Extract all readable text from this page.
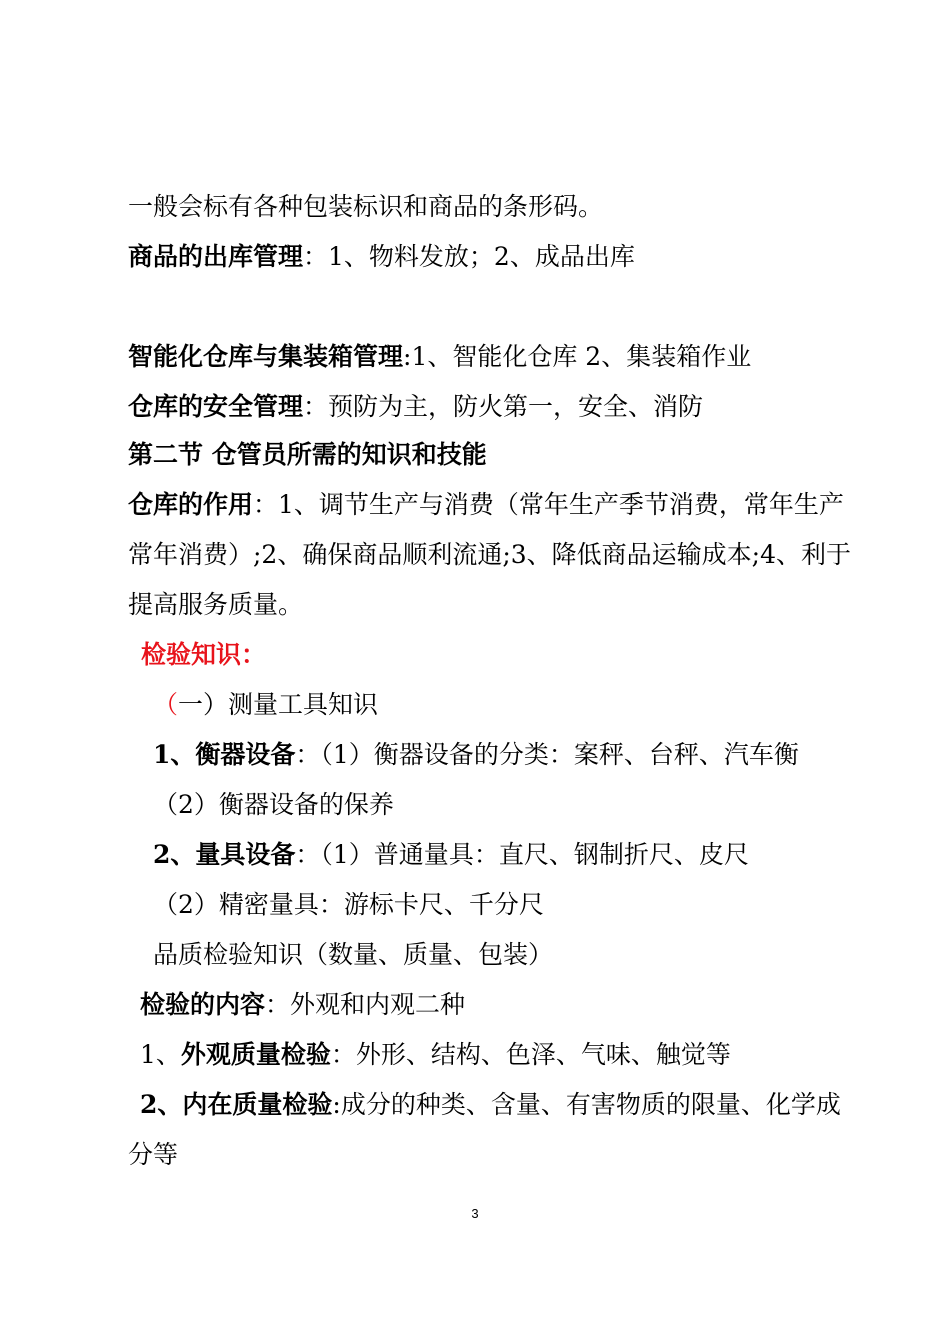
一般会标有各种包装标识和商品的条形码。
商品的出库管理：1、物料发放；2、成品出库
智能化仓库与集装箱管理:1、智能化仓库 2、集装箱作业
仓库的安全管理：预防为主，防火第一，安全、消防
第二节 仓管员所需的知识和技能
仓库的作用：1、调节生产与消费（常年生产季节消费，常年生产
常年消费）;2、确保商品顺利流通;3、降低商品运输成本;4、利于
提高服务质量。
检验知识：
（一）测量工具知识
1、衡器设备：（1）衡器设备的分类：案秤、台秤、汽车衡
（2）衡器设备的保养
2、量具设备：（1）普通量具：直尺、钢制折尺、皮尺
（2）精密量具：游标卡尺、千分尺
品质检验知识（数量、质量、包装）
检验的内容：外观和内观二种
1、外观质量检验：外形、结构、色泽、气味、触觉等
2、内在质量检验:成分的种类、含量、有害物质的限量、化学成
分等
3
